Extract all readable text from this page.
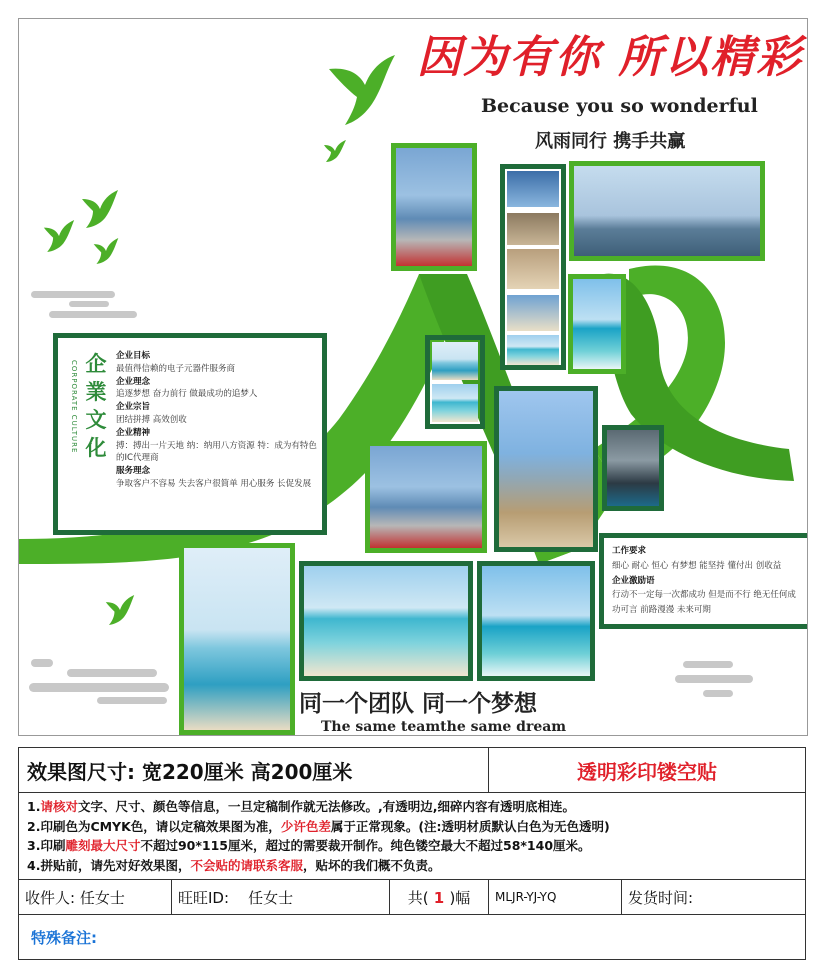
因为有你 所以精彩
Because you so wonderful
风雨同行 携手共赢
企
業
文
化
CORPORATE CULTURE
企业目标
最值得信赖的电子元器件服务商
企业理念
追逐梦想 奋力前行 做最成功的追梦人
企业宗旨
团结拼搏 高效创收
企业精神
搏：搏出一片天地 纳：纳用八方资源 特：成为有特色的IC代理商
服务理念
争取客户不容易 失去客户很简单 用心服务 长促发展
工作要求
细心 耐心 恒心 有梦想 能坚持 懂付出 创收益
企业激励语
行动不一定每一次都成功 但是而不行 绝无任何成功可言 前路漫漫 未来可期
同一个团队 同一个梦想
The same teamthe same dream
效果图尺寸: 宽220厘米 高200厘米			透明彩印镂空贴	

1.请核对文字、尺寸、颜色等信息，一旦定稿制作就无法修改。,有透明边,细碎内容有透明底相连。
2.印刷色为CMYK色，请以定稿效果图为准，少许色差属于正常现象。(注:透明材质默认白色为无色透明)
3.印刷雕刻最大尺寸不超过90*115厘米，超过的需要裁开制作。纯色镂空最大不超过58*140厘米。
4.拼贴前，请先对好效果图，不会贴的请联系客服，贴坏的我们概不负责。				

收件人: 任女士	旺旺ID: 任女士	共( 1 )幅	MLJR-YJ-YQ	发货时间:
特殊备注:				
